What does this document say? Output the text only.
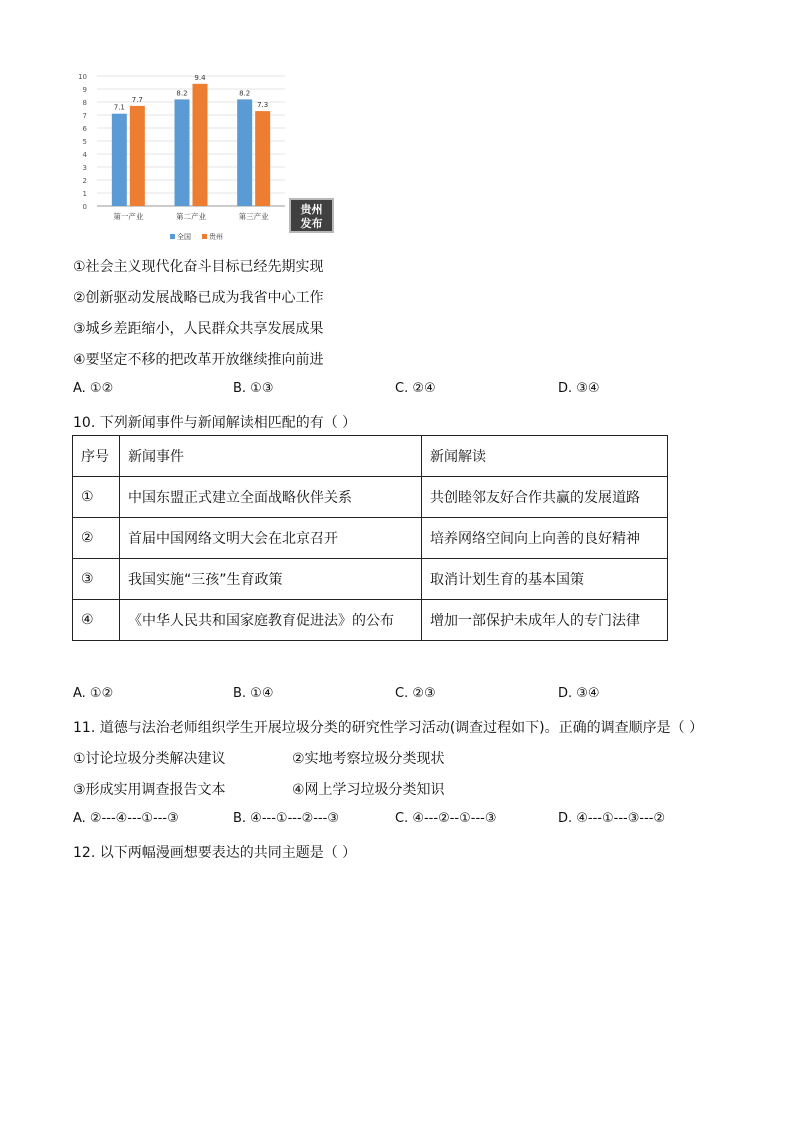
0
1
2
3
4
5
6
7
8
9
10
7.1
7.7
第一产业
8.2
9.4
第二产业
8.2
7.3
第三产业
全国	贵州
贵州
发布
①社会主义现代化奋斗目标已经先期实现
②创新驱动发展战略已成为我省中心工作
③城乡差距缩小，人民群众共享发展成果
④要坚定不移的把改革开放继续推向前进
A. ①②	B. ①③	C. ②④	D. ③④
10. 下列新闻事件与新闻解读相匹配的有（ ）
序号	新闻事件	新闻解读
①	中国东盟正式建立全面战略伙伴关系	共创睦邻友好合作共赢的发展道路
②	首届中国网络文明大会在北京召开	培养网络空间向上向善的良好精神
③	我国实施“三孩”生育政策	取消计划生育的基本国策
④	《中华人民共和国家庭教育促进法》的公布	增加一部保护未成年人的专门法律
A. ①②	B. ①④	C. ②③	D. ③④
11. 道德与法治老师组织学生开展垃圾分类的研究性学习活动(调查过程如下)。正确的调查顺序是（ ）
①讨论垃圾分类解决建议	②实地考察垃圾分类现状
③形成实用调查报告文本	④网上学习垃圾分类知识
A. ②---④---①---③	B. ④---①---②---③	C. ④---②--①---③	D. ④---①---③---②
12. 以下两幅漫画想要表达的共同主题是（ ）
